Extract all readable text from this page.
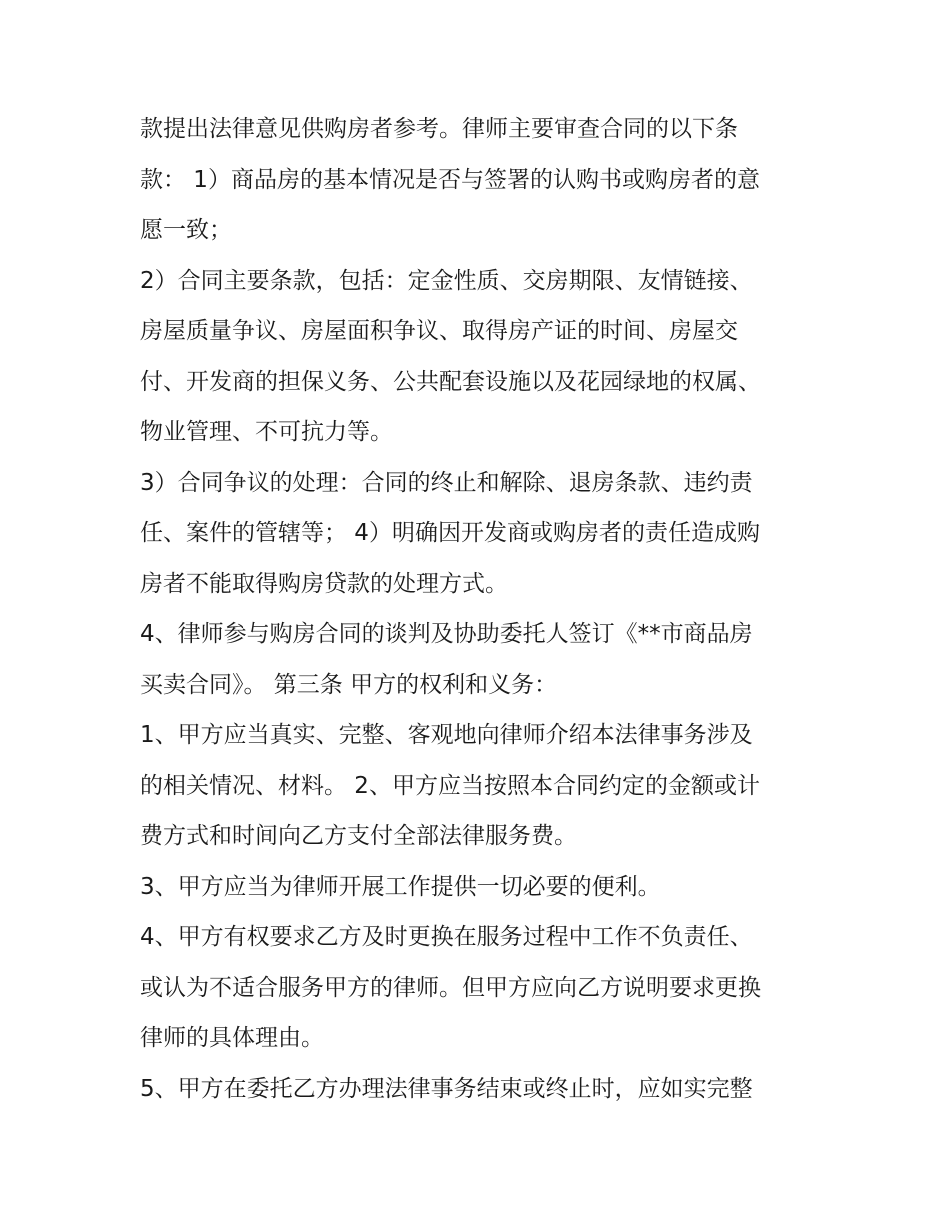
款提出法律意见供购房者参考。律师主要审查合同的以下条
款： 1）商品房的基本情况是否与签署的认购书或购房者的意
愿一致；
2）合同主要条款，包括：定金性质、交房期限、友情链接、
房屋质量争议、房屋面积争议、取得房产证的时间、房屋交
付、开发商的担保义务、公共配套设施以及花园绿地的权属、
物业管理、不可抗力等。
3）合同争议的处理：合同的终止和解除、退房条款、违约责
任、案件的管辖等； 4）明确因开发商或购房者的责任造成购
房者不能取得购房贷款的处理方式。
4、律师参与购房合同的谈判及协助委托人签订《**市商品房
买卖合同》。 第三条 甲方的权利和义务：
1、甲方应当真实、完整、客观地向律师介绍本法律事务涉及
的相关情况、材料。 2、甲方应当按照本合同约定的金额或计
费方式和时间向乙方支付全部法律服务费。
3、甲方应当为律师开展工作提供一切必要的便利。
4、甲方有权要求乙方及时更换在服务过程中工作不负责任、
或认为不适合服务甲方的律师。但甲方应向乙方说明要求更换
律师的具体理由。
5、甲方在委托乙方办理法律事务结束或终止时，应如实完整
